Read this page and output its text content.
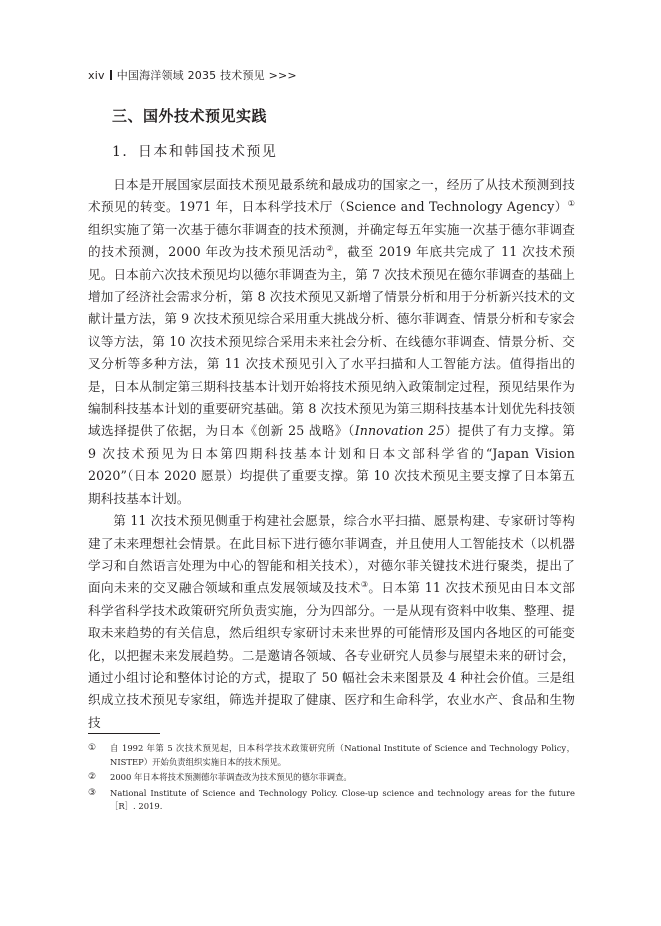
xiv 中国海洋领域 2035 技术预见 >>>
三、国外技术预见实践
1．日本和韩国技术预见

日本是开展国家层面技术预见最系统和最成功的国家之一，经历了从技术预测到技术预见的转变。1971 年，日本科学技术厅（Science and Technology Agency）①组织实施了第一次基于德尔菲调查的技术预测，并确定每五年实施一次基于德尔菲调查的技术预测，2000 年改为技术预见活动②，截至 2019 年底共完成了 11 次技术预见。日本前六次技术预见均以德尔菲调查为主，第 7 次技术预见在德尔菲调查的基础上增加了经济社会需求分析，第 8 次技术预见又新增了情景分析和用于分析新兴技术的文献计量方法，第 9 次技术预见综合采用重大挑战分析、德尔菲调查、情景分析和专家会议等方法，第 10 次技术预见综合采用未来社会分析、在线德尔菲调查、情景分析、交叉分析等多种方法，第 11 次技术预见引入了水平扫描和人工智能方法。值得指出的是，日本从制定第三期科技基本计划开始将技术预见纳入政策制定过程，预见结果作为编制科技基本计划的重要研究基础。第 8 次技术预见为第三期科技基本计划优先科技领域选择提供了依据，为日本《创新 25 战略》（Innovation 25）提供了有力支撑。第 9 次技术预见为日本第四期科技基本计划和日本文部科学省的“Japan Vision 2020”（日本 2020 愿景）均提供了重要支撑。第 10 次技术预见主要支撑了日本第五期科技基本计划。

第 11 次技术预见侧重于构建社会愿景，综合水平扫描、愿景构建、专家研讨等构建了未来理想社会情景。在此目标下进行德尔菲调查，并且使用人工智能技术（以机器学习和自然语言处理为中心的智能和相关技术），对德尔菲关键技术进行聚类，提出了面向未来的交叉融合领域和重点发展领域及技术③。日本第 11 次技术预见由日本文部科学省科学技术政策研究所负责实施，分为四部分。一是从现有资料中收集、整理、提取未来趋势的有关信息，然后组织专家研讨未来世界的可能情形及国内各地区的可能变化，以把握未来发展趋势。二是邀请各领域、各专业研究人员参与展望未来的研讨会，通过小组讨论和整体讨论的方式，提取了 50 幅社会未来图景及 4 种社会价值。三是组织成立技术预见专家组，筛选并提取了健康、医疗和生命科学，农业水产、食品和生物技

① 自 1992 年第 5 次技术预见起，日本科学技术政策研究所（National Institute of Science and Technology Policy，NISTEP）开始负责组织实施日本的技术预见。
② 2000 年日本将技术预测德尔菲调查改为技术预见的德尔菲调查。
③ National Institute of Science and Technology Policy. Close-up science and technology areas for the future［R］. 2019.
